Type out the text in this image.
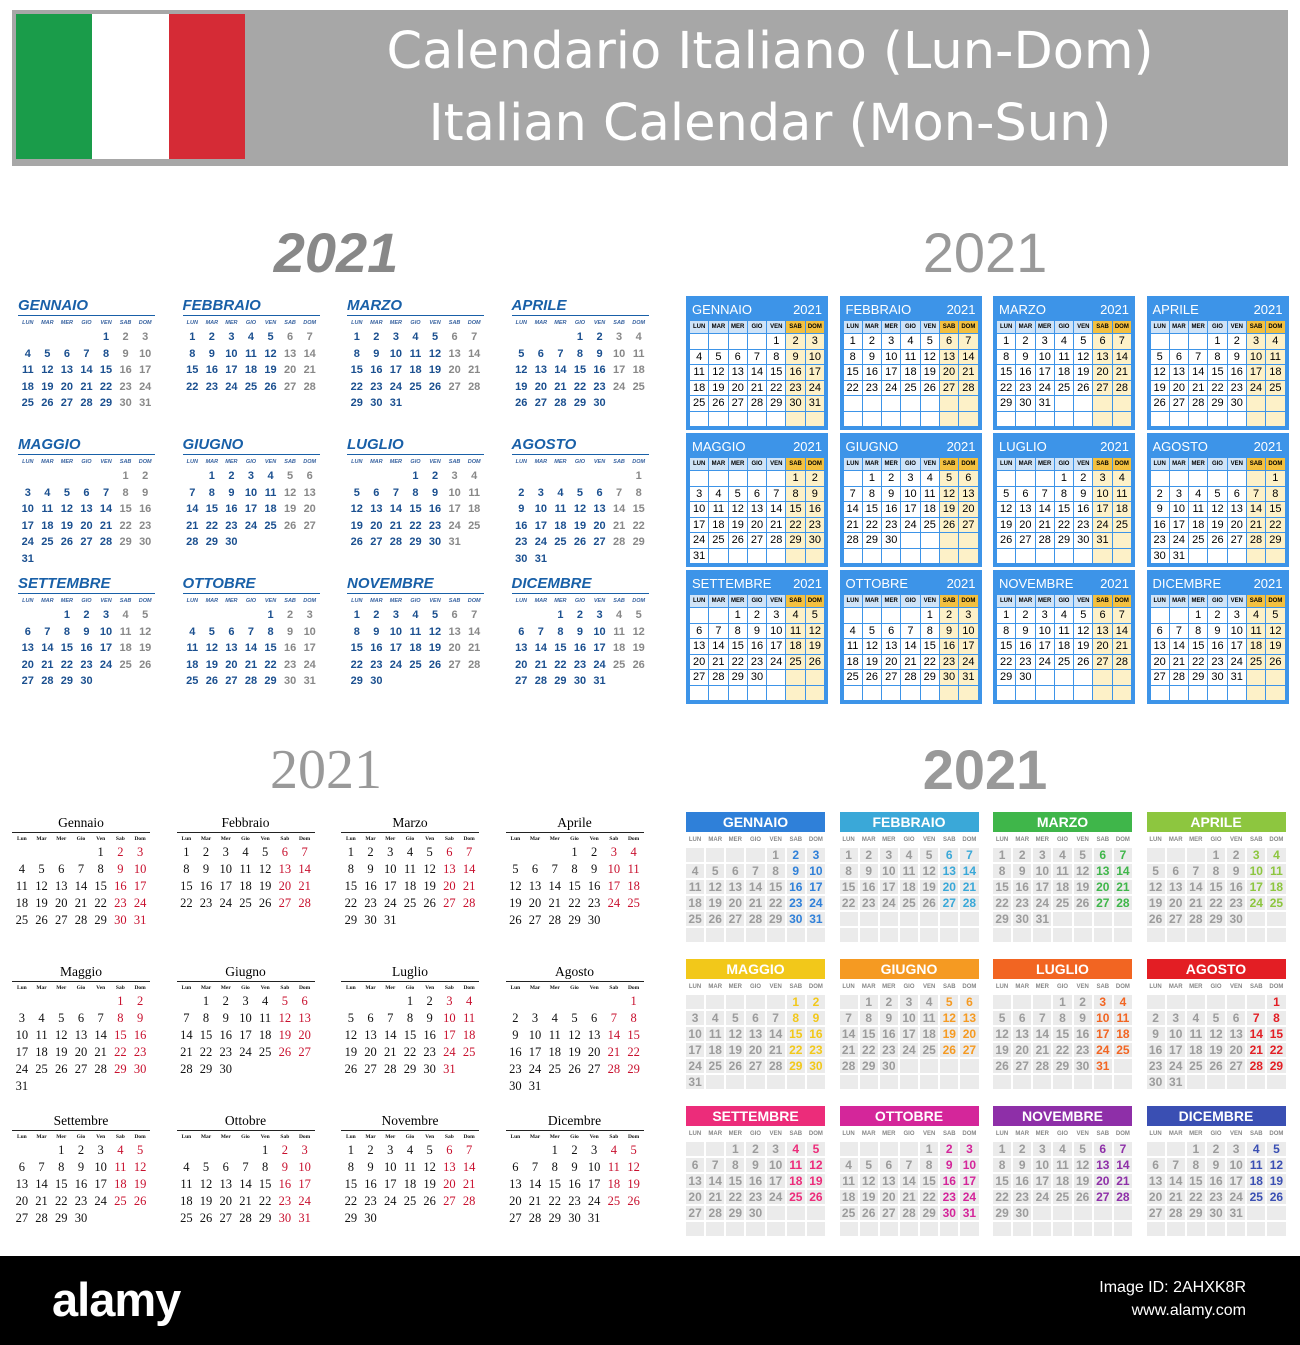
Calendario Italiano (Lun-Dom)
Italian Calendar (Mon-Sun)
2021	2021
2021	2021
GENNAIO
LUN	MAR	MER	GIO	VEN	SAB	DOM
				1	2	3
4	5	6	7	8	9	10
11	12	13	14	15	16	17
18	19	20	21	22	23	24
25	26	27	28	29	30	31
FEBBRAIO
LUN	MAR	MER	GIO	VEN	SAB	DOM
1	2	3	4	5	6	7
8	9	10	11	12	13	14
15	16	17	18	19	20	21
22	23	24	25	26	27	28
MARZO
LUN	MAR	MER	GIO	VEN	SAB	DOM
1	2	3	4	5	6	7
8	9	10	11	12	13	14
15	16	17	18	19	20	21
22	23	24	25	26	27	28
29	30	31				
APRILE
LUN	MAR	MER	GIO	VEN	SAB	DOM
			1	2	3	4
5	6	7	8	9	10	11
12	13	14	15	16	17	18
19	20	21	22	23	24	25
26	27	28	29	30		
MAGGIO
LUN	MAR	MER	GIO	VEN	SAB	DOM
					1	2
3	4	5	6	7	8	9
10	11	12	13	14	15	16
17	18	19	20	21	22	23
24	25	26	27	28	29	30
31						
GIUGNO
LUN	MAR	MER	GIO	VEN	SAB	DOM
	1	2	3	4	5	6
7	8	9	10	11	12	13
14	15	16	17	18	19	20
21	22	23	24	25	26	27
28	29	30				
LUGLIO
LUN	MAR	MER	GIO	VEN	SAB	DOM
			1	2	3	4
5	6	7	8	9	10	11
12	13	14	15	16	17	18
19	20	21	22	23	24	25
26	27	28	29	30	31	
AGOSTO
LUN	MAR	MER	GIO	VEN	SAB	DOM
						1
2	3	4	5	6	7	8
9	10	11	12	13	14	15
16	17	18	19	20	21	22
23	24	25	26	27	28	29
30	31					
SETTEMBRE
LUN	MAR	MER	GIO	VEN	SAB	DOM
		1	2	3	4	5
6	7	8	9	10	11	12
13	14	15	16	17	18	19
20	21	22	23	24	25	26
27	28	29	30			
OTTOBRE
LUN	MAR	MER	GIO	VEN	SAB	DOM
				1	2	3
4	5	6	7	8	9	10
11	12	13	14	15	16	17
18	19	20	21	22	23	24
25	26	27	28	29	30	31
NOVEMBRE
LUN	MAR	MER	GIO	VEN	SAB	DOM
1	2	3	4	5	6	7
8	9	10	11	12	13	14
15	16	17	18	19	20	21
22	23	24	25	26	27	28
29	30					
DICEMBRE
LUN	MAR	MER	GIO	VEN	SAB	DOM
		1	2	3	4	5
6	7	8	9	10	11	12
13	14	15	16	17	18	19
20	21	22	23	24	25	26
27	28	29	30	31		
GENNAIO	2021
LUN	MAR	MER	GIO	VEN	SAB	DOM
				1	2	3
4	5	6	7	8	9	10
11	12	13	14	15	16	17
18	19	20	21	22	23	24
25	26	27	28	29	30	31

FEBBRAIO	2021
LUN	MAR	MER	GIO	VEN	SAB	DOM
1	2	3	4	5	6	7
8	9	10	11	12	13	14
15	16	17	18	19	20	21
22	23	24	25	26	27	28

MARZO	2021
LUN	MAR	MER	GIO	VEN	SAB	DOM
1	2	3	4	5	6	7
8	9	10	11	12	13	14
15	16	17	18	19	20	21
22	23	24	25	26	27	28
29	30	31				

APRILE	2021
LUN	MAR	MER	GIO	VEN	SAB	DOM
			1	2	3	4
5	6	7	8	9	10	11
12	13	14	15	16	17	18
19	20	21	22	23	24	25
26	27	28	29	30		

MAGGIO	2021
LUN	MAR	MER	GIO	VEN	SAB	DOM
					1	2
3	4	5	6	7	8	9
10	11	12	13	14	15	16
17	18	19	20	21	22	23
24	25	26	27	28	29	30
31						
GIUGNO	2021
LUN	MAR	MER	GIO	VEN	SAB	DOM
	1	2	3	4	5	6
7	8	9	10	11	12	13
14	15	16	17	18	19	20
21	22	23	24	25	26	27
28	29	30				

LUGLIO	2021
LUN	MAR	MER	GIO	VEN	SAB	DOM
			1	2	3	4
5	6	7	8	9	10	11
12	13	14	15	16	17	18
19	20	21	22	23	24	25
26	27	28	29	30	31	

AGOSTO	2021
LUN	MAR	MER	GIO	VEN	SAB	DOM
						1
2	3	4	5	6	7	8
9	10	11	12	13	14	15
16	17	18	19	20	21	22
23	24	25	26	27	28	29
30	31					
SETTEMBRE 2021
LUN	MAR	MER	GIO	VEN	SAB	DOM
		1	2	3	4	5
6	7	8	9	10	11	12
13	14	15	16	17	18	19
20	21	22	23	24	25	26
27	28	29	30			

OTTOBRE	2021
LUN	MAR	MER	GIO	VEN	SAB	DOM
				1	2	3
4	5	6	7	8	9	10
11	12	13	14	15	16	17
18	19	20	21	22	23	24
25	26	27	28	29	30	31

NOVEMBRE 2021
LUN	MAR	MER	GIO	VEN	SAB	DOM
1	2	3	4	5	6	7
8	9	10	11	12	13	14
15	16	17	18	19	20	21
22	23	24	25	26	27	28
29	30					

DICEMBRE 2021
LUN	MAR	MER	GIO	VEN	SAB	DOM
		1	2	3	4	5
6	7	8	9	10	11	12
13	14	15	16	17	18	19
20	21	22	23	24	25	26
27	28	29	30	31		

Gennaio
Lun	Mar	Mer	Gio	Ven	Sab	Dom
				1	2	3
4	5	6	7	8	9	10
11	12	13	14	15	16	17
18	19	20	21	22	23	24
25	26	27	28	29	30	31
Febbraio
Lun	Mar	Mer	Gio	Ven	Sab	Dom
1	2	3	4	5	6	7
8	9	10	11	12	13	14
15	16	17	18	19	20	21
22	23	24	25	26	27	28
Marzo
Lun	Mar	Mer	Gio	Ven	Sab	Dom
1	2	3	4	5	6	7
8	9	10	11	12	13	14
15	16	17	18	19	20	21
22	23	24	25	26	27	28
29	30	31				
Aprile
Lun	Mar	Mer	Gio	Ven	Sab	Dom
			1	2	3	4
5	6	7	8	9	10	11
12	13	14	15	16	17	18
19	20	21	22	23	24	25
26	27	28	29	30		
Maggio
Lun	Mar	Mer	Gio	Ven	Sab	Dom
					1	2
3	4	5	6	7	8	9
10	11	12	13	14	15	16
17	18	19	20	21	22	23
24	25	26	27	28	29	30
31						
Giugno
Lun	Mar	Mer	Gio	Ven	Sab	Dom
	1	2	3	4	5	6
7	8	9	10	11	12	13
14	15	16	17	18	19	20
21	22	23	24	25	26	27
28	29	30				
Luglio
Lun	Mar	Mer	Gio	Ven	Sab	Dom
			1	2	3	4
5	6	7	8	9	10	11
12	13	14	15	16	17	18
19	20	21	22	23	24	25
26	27	28	29	30	31	
Agosto
Lun	Mar	Mer	Gio	Ven	Sab	Dom
						1
2	3	4	5	6	7	8
9	10	11	12	13	14	15
16	17	18	19	20	21	22
23	24	25	26	27	28	29
30	31					
Settembre
Lun	Mar	Mer	Gio	Ven	Sab	Dom
		1	2	3	4	5
6	7	8	9	10	11	12
13	14	15	16	17	18	19
20	21	22	23	24	25	26
27	28	29	30			
Ottobre
Lun	Mar	Mer	Gio	Ven	Sab	Dom
				1	2	3
4	5	6	7	8	9	10
11	12	13	14	15	16	17
18	19	20	21	22	23	24
25	26	27	28	29	30	31
Novembre
Lun	Mar	Mer	Gio	Ven	Sab	Dom
1	2	3	4	5	6	7
8	9	10	11	12	13	14
15	16	17	18	19	20	21
22	23	24	25	26	27	28
29	30					
Dicembre
Lun	Mar	Mer	Gio	Ven	Sab	Dom
		1	2	3	4	5
6	7	8	9	10	11	12
13	14	15	16	17	18	19
20	21	22	23	24	25	26
27	28	29	30	31		
GENNAIO
LUN	MAR	MER	GIO	VEN	SAB	DOM
				1	2	3
4	5	6	7	8	9	10
11	12	13	14	15	16	17
18	19	20	21	22	23	24
25	26	27	28	29	30	31

FEBBRAIO
LUN	MAR	MER	GIO	VEN	SAB	DOM
1	2	3	4	5	6	7
8	9	10	11	12	13	14
15	16	17	18	19	20	21
22	23	24	25	26	27	28

MARZO
LUN	MAR	MER	GIO	VEN	SAB	DOM
1	2	3	4	5	6	7
8	9	10	11	12	13	14
15	16	17	18	19	20	21
22	23	24	25	26	27	28
29	30	31				

APRILE
LUN	MAR	MER	GIO	VEN	SAB	DOM
			1	2	3	4
5	6	7	8	9	10	11
12	13	14	15	16	17	18
19	20	21	22	23	24	25
26	27	28	29	30		

MAGGIO
LUN	MAR	MER	GIO	VEN	SAB	DOM
					1	2
3	4	5	6	7	8	9
10	11	12	13	14	15	16
17	18	19	20	21	22	23
24	25	26	27	28	29	30
31						
GIUGNO
LUN	MAR	MER	GIO	VEN	SAB	DOM
	1	2	3	4	5	6
7	8	9	10	11	12	13
14	15	16	17	18	19	20
21	22	23	24	25	26	27
28	29	30				

LUGLIO
LUN	MAR	MER	GIO	VEN	SAB	DOM
			1	2	3	4
5	6	7	8	9	10	11
12	13	14	15	16	17	18
19	20	21	22	23	24	25
26	27	28	29	30	31	

AGOSTO
LUN	MAR	MER	GIO	VEN	SAB	DOM
						1
2	3	4	5	6	7	8
9	10	11	12	13	14	15
16	17	18	19	20	21	22
23	24	25	26	27	28	29
30	31					
SETTEMBRE
LUN	MAR	MER	GIO	VEN	SAB	DOM
		1	2	3	4	5
6	7	8	9	10	11	12
13	14	15	16	17	18	19
20	21	22	23	24	25	26
27	28	29	30			

OTTOBRE
LUN	MAR	MER	GIO	VEN	SAB	DOM
				1	2	3
4	5	6	7	8	9	10
11	12	13	14	15	16	17
18	19	20	21	22	23	24
25	26	27	28	29	30	31

NOVEMBRE
LUN	MAR	MER	GIO	VEN	SAB	DOM
1	2	3	4	5	6	7
8	9	10	11	12	13	14
15	16	17	18	19	20	21
22	23	24	25	26	27	28
29	30					

DICEMBRE
LUN	MAR	MER	GIO	VEN	SAB	DOM
		1	2	3	4	5
6	7	8	9	10	11	12
13	14	15	16	17	18	19
20	21	22	23	24	25	26
27	28	29	30	31		

alamy	Image ID: 2AHXK8R
www.alamy.com
